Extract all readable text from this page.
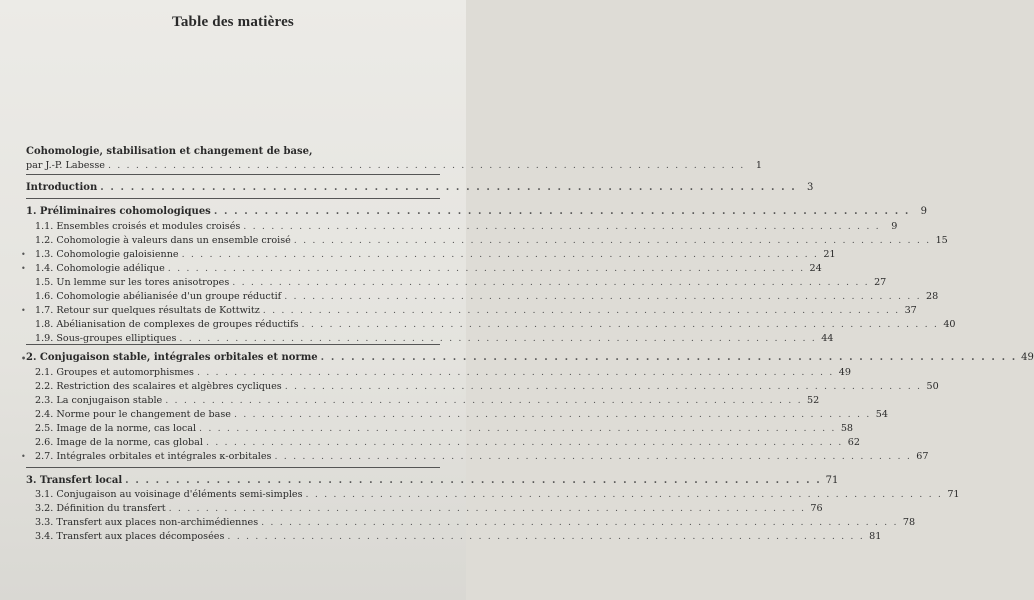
Table des matières
Cohomologie, stabilisation et changement de base,
par J.-P. Labesse . . . . . . . . . . . . . . . . . . . . . . . . . . . . . . . . . . . . . . . . . . . . . . . . . . . . . . . . . . . . . . . . . . . . .	1
Introduction . . . . . . . . . . . . . . . . . . . . . . . . . . . . . . . . . . . . . . . . . . . . . . . . . . . . . . . . . . . . . . . . . . . . .	3
1. Préliminaires cohomologiques . . . . . . . . . . . . . . . . . . . . . . . . . . . . . . . . . . . . . . . . . . . . . . . . . . . . . . . . . . . . . . . . . . . . .	9
1.1. Ensembles croisés et modules croisés . . . . . . . . . . . . . . . . . . . . . . . . . . . . . . . . . . . . . . . . . . . . . . . . . . . . . . . . . . . . . . . . . . . . .	9
1.2. Cohomologie à valeurs dans un ensemble croisé . . . . . . . . . . . . . . . . . . . . . . . . . . . . . . . . . . . . . . . . . . . . . . . . . . . . . . . . . . . . . . . . . . . . . 15
• 1.3. Cohomologie galoisienne . . . . . . . . . . . . . . . . . . . . . . . . . . . . . . . . . . . . . . . . . . . . . . . . . . . . . . . . . . . . . . . . . . . . . 21
• 1.4. Cohomologie adélique . . . . . . . . . . . . . . . . . . . . . . . . . . . . . . . . . . . . . . . . . . . . . . . . . . . . . . . . . . . . . . . . . . . . . 24
1.5. Un lemme sur les tores anisotropes . . . . . . . . . . . . . . . . . . . . . . . . . . . . . . . . . . . . . . . . . . . . . . . . . . . . . . . . . . . . . . . . . . . . . 27
1.6. Cohomologie abélianisée d'un groupe réductif . . . . . . . . . . . . . . . . . . . . . . . . . . . . . . . . . . . . . . . . . . . . . . . . . . . . . . . . . . . . . . . . . . . . . 28
• 1.7. Retour sur quelques résultats de Kottwitz . . . . . . . . . . . . . . . . . . . . . . . . . . . . . . . . . . . . . . . . . . . . . . . . . . . . . . . . . . . . . . . . . . . . . 37
1.8. Abélianisation de complexes de groupes réductifs . . . . . . . . . . . . . . . . . . . . . . . . . . . . . . . . . . . . . . . . . . . . . . . . . . . . . . . . . . . . . . . . . . . . . 40
1.9. Sous-groupes elliptiques . . . . . . . . . . . . . . . . . . . . . . . . . . . . . . . . . . . . . . . . . . . . . . . . . . . . . . . . . . . . . . . . . . . . . 44
• 2. Conjugaison stable, intégrales orbitales et norme . . . . . . . . . . . . . . . . . . . . . . . . . . . . . . . . . . . . . . . . . . . . . . . . . . . . . . . . . . . . . . . . . . . . . 49
2.1. Groupes et automorphismes . . . . . . . . . . . . . . . . . . . . . . . . . . . . . . . . . . . . . . . . . . . . . . . . . . . . . . . . . . . . . . . . . . . . . 49
2.2. Restriction des scalaires et algèbres cycliques . . . . . . . . . . . . . . . . . . . . . . . . . . . . . . . . . . . . . . . . . . . . . . . . . . . . . . . . . . . . . . . . . . . . . 50
2.3. La conjugaison stable . . . . . . . . . . . . . . . . . . . . . . . . . . . . . . . . . . . . . . . . . . . . . . . . . . . . . . . . . . . . . . . . . . . . . 52
2.4. Norme pour le changement de base . . . . . . . . . . . . . . . . . . . . . . . . . . . . . . . . . . . . . . . . . . . . . . . . . . . . . . . . . . . . . . . . . . . . . 54
2.5. Image de la norme, cas local . . . . . . . . . . . . . . . . . . . . . . . . . . . . . . . . . . . . . . . . . . . . . . . . . . . . . . . . . . . . . . . . . . . . . 58
2.6. Image de la norme, cas global . . . . . . . . . . . . . . . . . . . . . . . . . . . . . . . . . . . . . . . . . . . . . . . . . . . . . . . . . . . . . . . . . . . . . 62
• 2.7. Intégrales orbitales et intégrales κ-orbitales . . . . . . . . . . . . . . . . . . . . . . . . . . . . . . . . . . . . . . . . . . . . . . . . . . . . . . . . . . . . . . . . . . . . . 67
3. Transfert local . . . . . . . . . . . . . . . . . . . . . . . . . . . . . . . . . . . . . . . . . . . . . . . . . . . . . . . . . . . . . . . . . . . . . 71
3.1. Conjugaison au voisinage d'éléments semi-simples . . . . . . . . . . . . . . . . . . . . . . . . . . . . . . . . . . . . . . . . . . . . . . . . . . . . . . . . . . . . . . . . . . . . . 71
3.2. Définition du transfert . . . . . . . . . . . . . . . . . . . . . . . . . . . . . . . . . . . . . . . . . . . . . . . . . . . . . . . . . . . . . . . . . . . . . 76
3.3. Transfert aux places non-archimédiennes . . . . . . . . . . . . . . . . . . . . . . . . . . . . . . . . . . . . . . . . . . . . . . . . . . . . . . . . . . . . . . . . . . . . . 78
3.4. Transfert aux places décomposées . . . . . . . . . . . . . . . . . . . . . . . . . . . . . . . . . . . . . . . . . . . . . . . . . . . . . . . . . . . . . . . . . . . . . 81
